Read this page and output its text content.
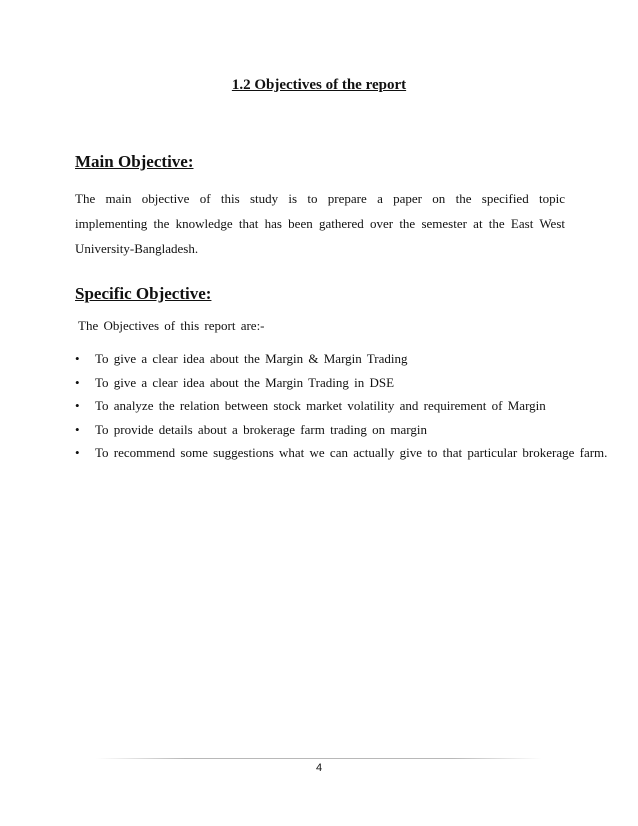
1.2 Objectives of the report
Main Objective:
The main objective of this study is to prepare a paper on the specified topic implementing the knowledge that has been gathered over the semester at the East West University-Bangladesh.
Specific Objective:
The Objectives of this report are:-
• To give a clear idea about the Margin & Margin Trading
• To give a clear idea about the Margin Trading in DSE
• To analyze the relation between stock market volatility and requirement of Margin
• To provide details about a brokerage farm trading on margin
• To recommend some suggestions what we can actually give to that particular brokerage farm.
4
